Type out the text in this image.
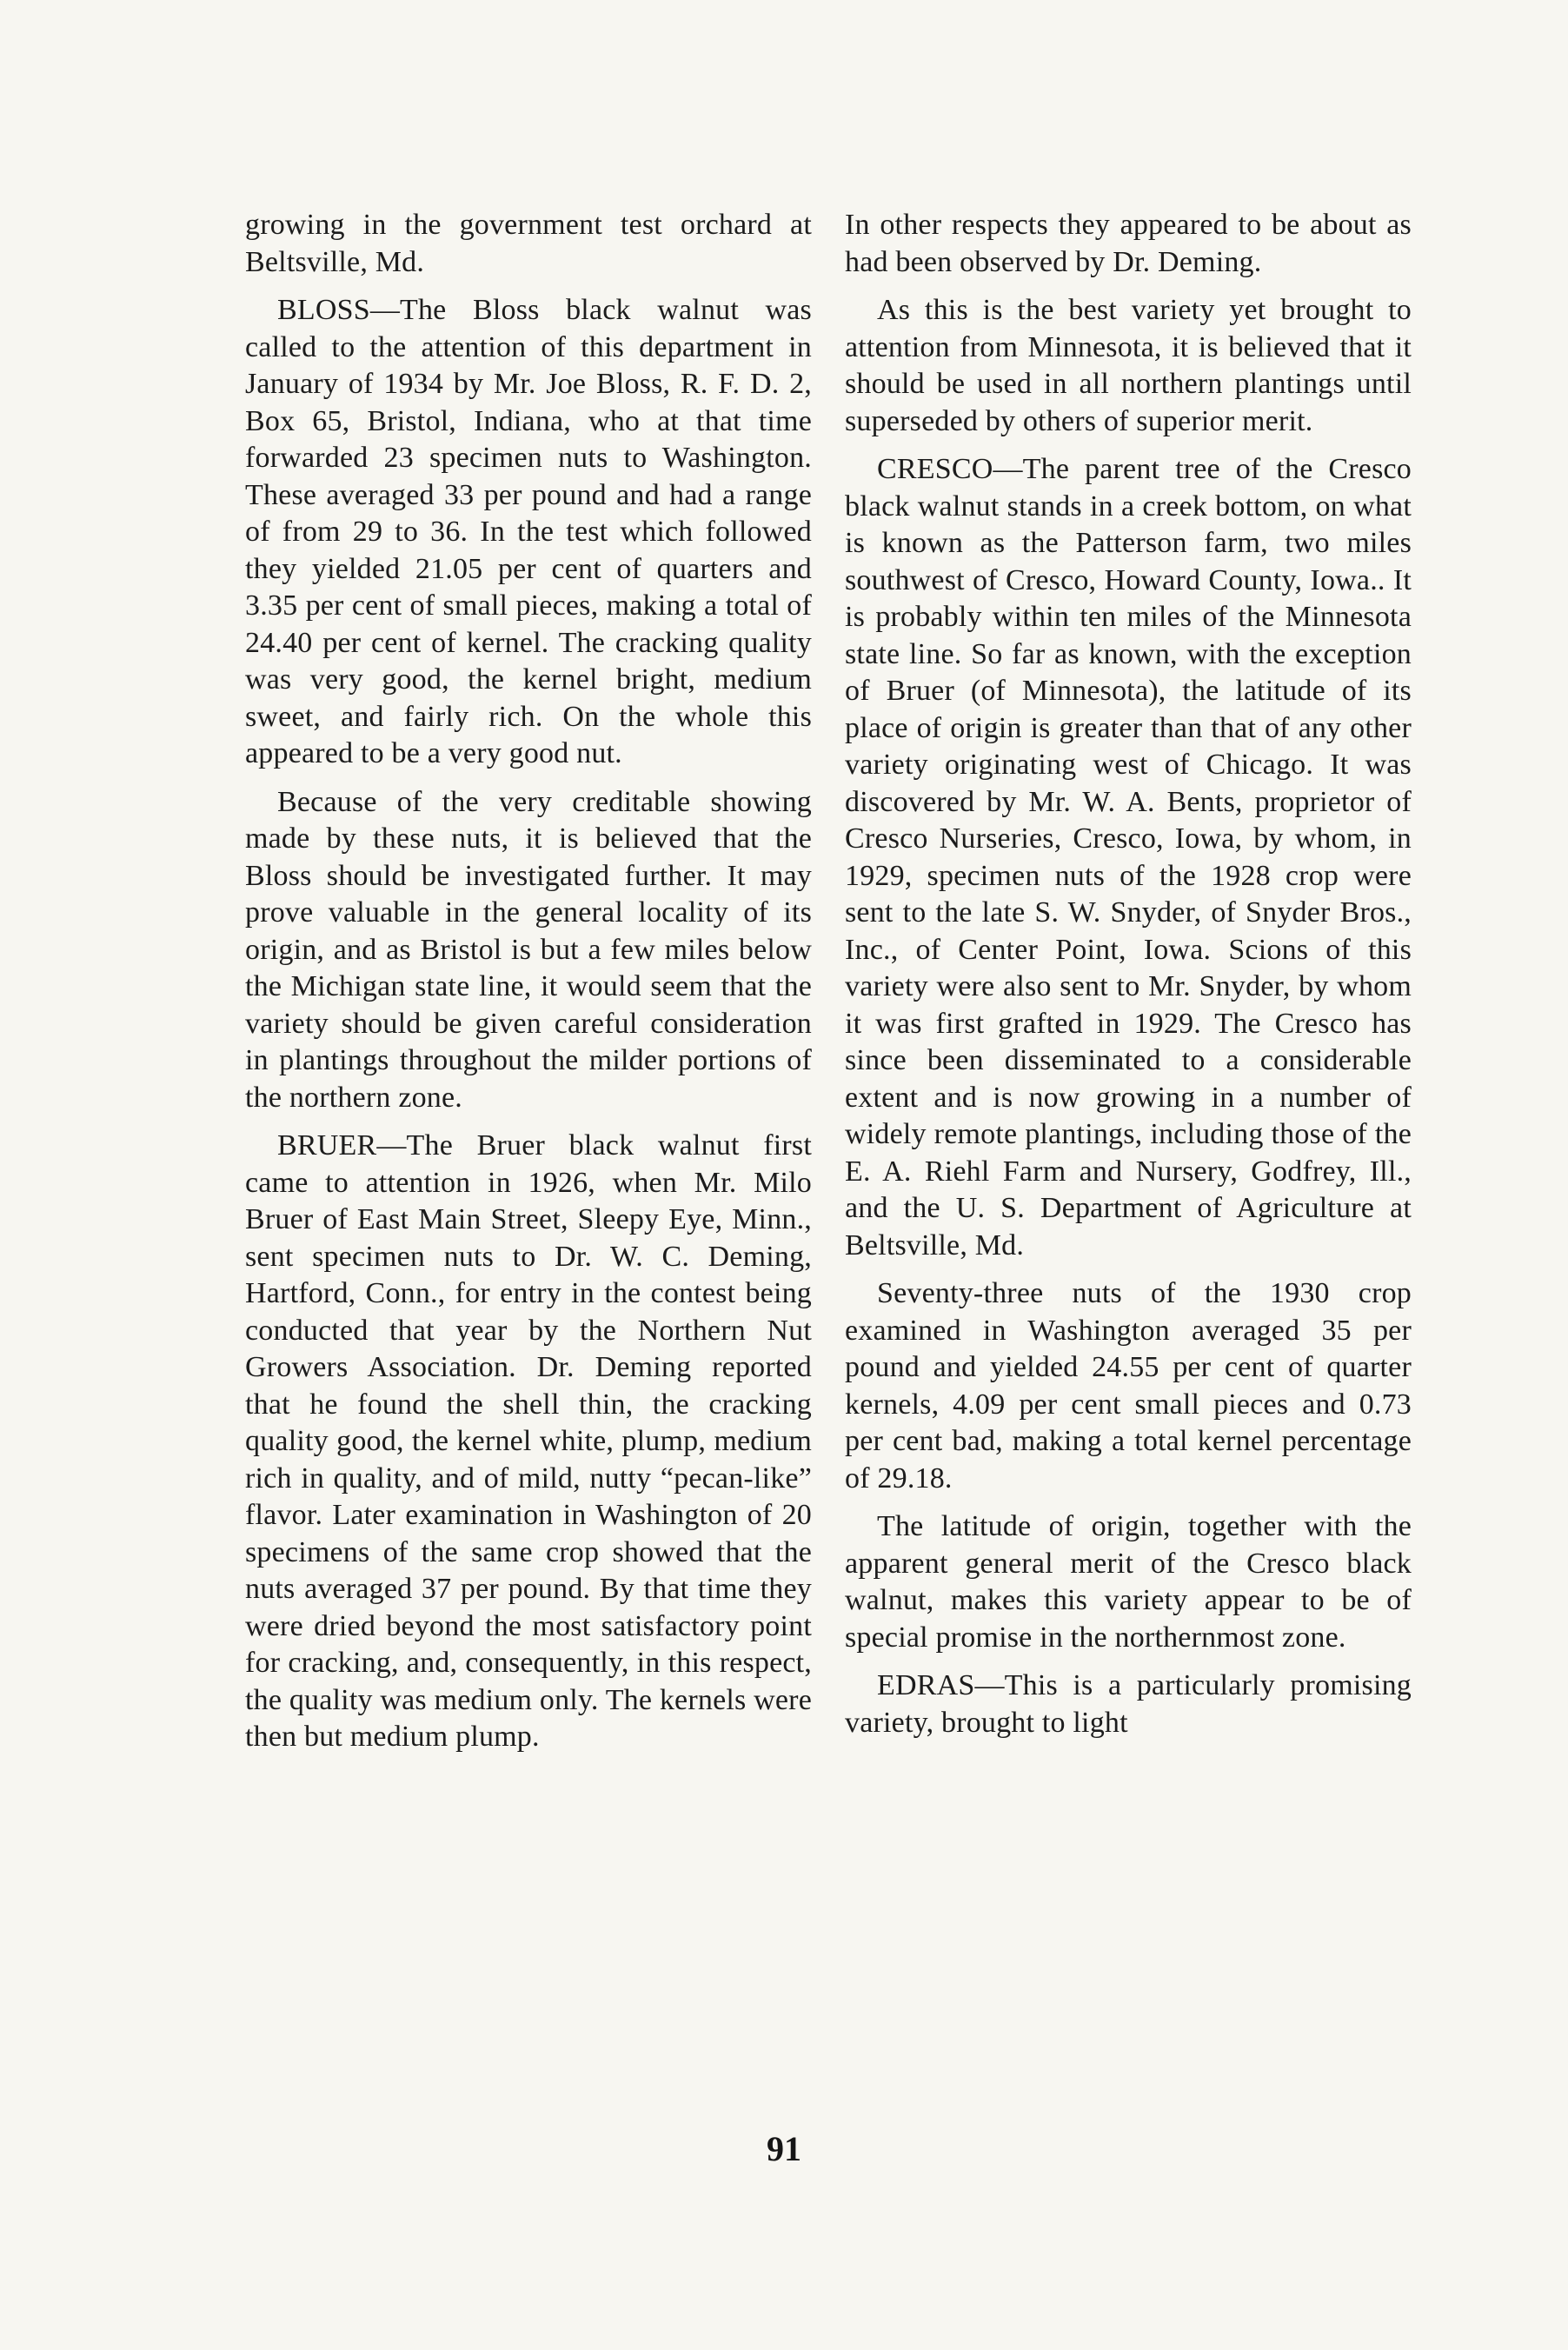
growing in the government test orchard at Beltsville, Md.

BLOSS—The Bloss black walnut was called to the attention of this department in January of 1934 by Mr. Joe Bloss, R. F. D. 2, Box 65, Bristol, Indiana, who at that time forwarded 23 specimen nuts to Washington. These averaged 33 per pound and had a range of from 29 to 36. In the test which followed they yielded 21.05 per cent of quarters and 3.35 per cent of small pieces, making a total of 24.40 per cent of kernel. The cracking quality was very good, the kernel bright, medium sweet, and fairly rich. On the whole this appeared to be a very good nut.

Because of the very creditable showing made by these nuts, it is believed that the Bloss should be investigated further. It may prove valuable in the general locality of its origin, and as Bristol is but a few miles below the Michigan state line, it would seem that the variety should be given careful consideration in plantings throughout the milder portions of the northern zone.

BRUER—The Bruer black walnut first came to attention in 1926, when Mr. Milo Bruer of East Main Street, Sleepy Eye, Minn., sent specimen nuts to Dr. W. C. Deming, Hartford, Conn., for entry in the contest being conducted that year by the Northern Nut Growers Association. Dr. Deming reported that he found the shell thin, the cracking quality good, the kernel white, plump, medium rich in quality, and of mild, nutty “pecan-like” flavor. Later examination in Washington of 20 specimens of the same crop showed that the nuts averaged 37 per pound. By that time they were dried beyond the most satisfactory point for cracking, and, consequently, in this respect, the quality was medium only. The kernels were then but medium plump.

In other respects they appeared to be about as had been observed by Dr. Deming.

As this is the best variety yet brought to attention from Minnesota, it is believed that it should be used in all northern plantings until superseded by others of superior merit.

CRESCO—The parent tree of the Cresco black walnut stands in a creek bottom, on what is known as the Patterson farm, two miles southwest of Cresco, Howard County, Iowa.. It is probably within ten miles of the Minnesota state line. So far as known, with the exception of Bruer (of Minnesota), the latitude of its place of origin is greater than that of any other variety originating west of Chicago. It was discovered by Mr. W. A. Bents, proprietor of Cresco Nurseries, Cresco, Iowa, by whom, in 1929, specimen nuts of the 1928 crop were sent to the late S. W. Snyder, of Snyder Bros., Inc., of Center Point, Iowa. Scions of this variety were also sent to Mr. Snyder, by whom it was first grafted in 1929. The Cresco has since been disseminated to a considerable extent and is now growing in a number of widely remote plantings, including those of the E. A. Riehl Farm and Nursery, Godfrey, Ill., and the U. S. Department of Agriculture at Beltsville, Md.

Seventy-three nuts of the 1930 crop examined in Washington averaged 35 per pound and yielded 24.55 per cent of quarter kernels, 4.09 per cent small pieces and 0.73 per cent bad, making a total kernel percentage of 29.18.

The latitude of origin, together with the apparent general merit of the Cresco black walnut, makes this variety appear to be of special promise in the northernmost zone.

EDRAS—This is a particularly promising variety, brought to light

91
